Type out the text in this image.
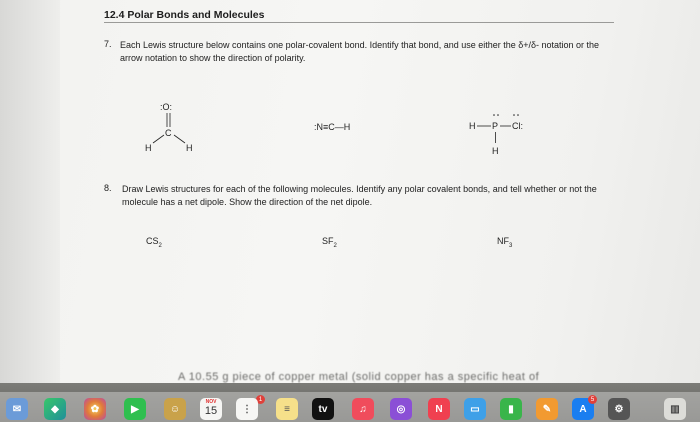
12.4 Polar Bonds and Molecules
7. Each Lewis structure below contains one polar-covalent bond. Identify that bond, and use either the δ+/δ- notation or the arrow notation to show the direction of polarity.
:O:
C
H	H
:N≡C—H	H P Cl:
H
8. Draw Lewis structures for each of the following molecules. Identify any polar covalent bonds, and tell whether or not the molecule has a net dipole. Show the direction of the net dipole.
$CS_2$	$SF_2$	$NF_3$
A 10.55 g piece of copper metal (solid copper has a specific heat of
✉	◆	✿	▶	☺
NOV
15
1
⋮	≡	tv	♫	◎	N	▭	▮	✎	A
5
⚙	▥
